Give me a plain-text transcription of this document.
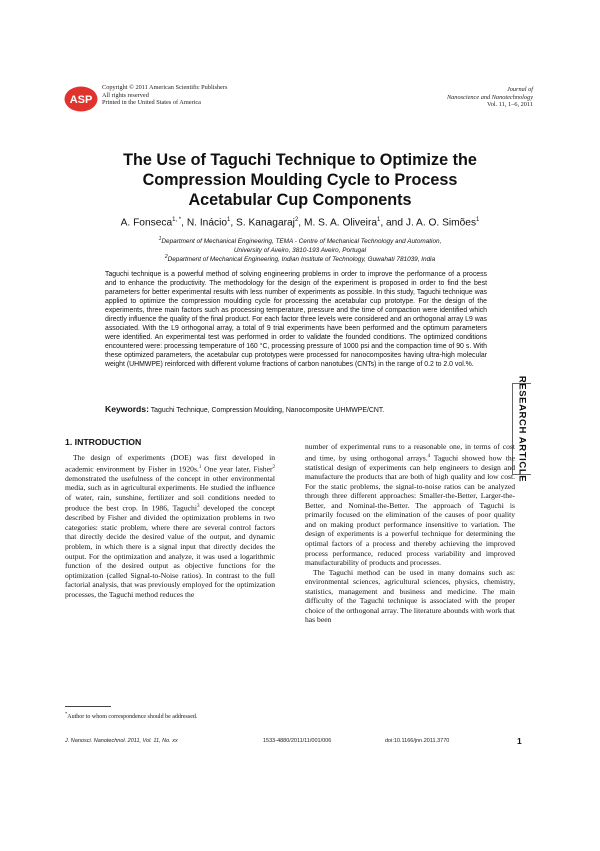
ASP
Copyright © 2011 American Scientific Publishers
All rights reserved
Printed in the United States of America
Journal of
Nanoscience and Nanotechnology
Vol. 11, 1–6, 2011
The Use of Taguchi Technique to Optimize the
Compression Moulding Cycle to Process
Acetabular Cup Components
A. Fonseca$^{1, *}$, N. Inácio$^1$, S. Kanagaraj$^2$, M. S. A. Oliveira$^1$, and J. A. O. Simões$^1$
$^1$Department of Mechanical Engineering, TEMA - Centre of Mechanical Technology and Automation,
University of Aveiro, 3810-193 Aveiro, Portugal
$^2$Department of Mechanical Engineering, Indian Institute of Technology, Guwahati 781039, India
Taguchi technique is a powerful method of solving engineering problems in order to improve the performance of a process and to enhance the productivity. The methodology for the design of the experiment is proposed in order to find the best parameters for better experimental results with less number of experiments as possible. In this study, Taguchi technique was applied to optimize the compression moulding cycle for processing the acetabular cup prototype. For the design of the experiments, three main factors such as processing temperature, pressure and the time of compaction were identified which directly influence the quality of the final product. For each factor three levels were considered and an orthogonal array L9 was associated. With the L9 orthogonal array, a total of 9 trial experiments have been performed and the optimum parameters were identified. An experimental test was performed in order to validate the founded conditions. The optimized conditions encountered were: processing temperature of 160 °C, processing pressure of 1000 psi and the compaction time of 90 s. With these optimized parameters, the acetabular cup prototypes were processed for nanocomposites having ultra-high molecular weight (UHMWPE) reinforced with different volume fractions of carbon nanotubes (CNTs) in the range of 0.2 to 2.0 vol.%.
Keywords: Taguchi Technique, Compression Moulding, Nanocomposite UHMWPE/CNT.	RESEARCH ARTICLE
1. INTRODUCTION

The design of experiments (DOE) was first developed in academic environment by Fisher in 1920s.$^1$ One year later, Fisher$^2$ demonstrated the usefulness of the concept in other environmental media, such as in agricultural experiments. He studied the influence of water, rain, sunshine, fertilizer and soil conditions needed to produce the best crop. In 1986, Taguchi$^3$ developed the concept described by Fisher and divided the optimization problems in two categories: static problem, where there are several control factors that directly decide the desired value of the output, and dynamic problem, in which there is a signal input that directly decides the output. For the optimization and analyze, it was used a logarithmic function of the desired output as objective functions for the optimization (called Signal-to-Noise ratios). In contrast to the full factorial analysis, that was previously employed for the optimization processes, the Taguchi method reduces the

number of experimental runs to a reasonable one, in terms of cost and time, by using orthogonal arrays.$^4$ Taguchi showed how the statistical design of experiments can help engineers to design and manufacture the products that are both of high quality and low cost. For the static problems, the signal-to-noise ratios can be analyzed through three different approaches: Smaller-the-Better, Larger-the-Better, and Nominal-the-Better. The approach of Taguchi is primarily focused on the elimination of the causes of poor quality and on making product performance insensitive to variation. The design of experiments is a powerful technique for determining the optimal factors of a process and thereby achieving the improved process performance, reduced process variability and improved manufacturability of products and processes.

The Taguchi method can be used in many domains such as: environmental sciences, agricultural sciences, physics, chemistry, statistics, management and business and medicine. The main difficulty of the Taguchi technique is associated with the proper choice of the orthogonal array. The literature abounds with work that has been

*Author to whom correspondence should be addressed.
J. Nanosci. Nanotechnol. 2011, Vol. 11, No. xx	1533-4880/2011/11/001/006	doi:10.1166/jnn.2011.3770	1
